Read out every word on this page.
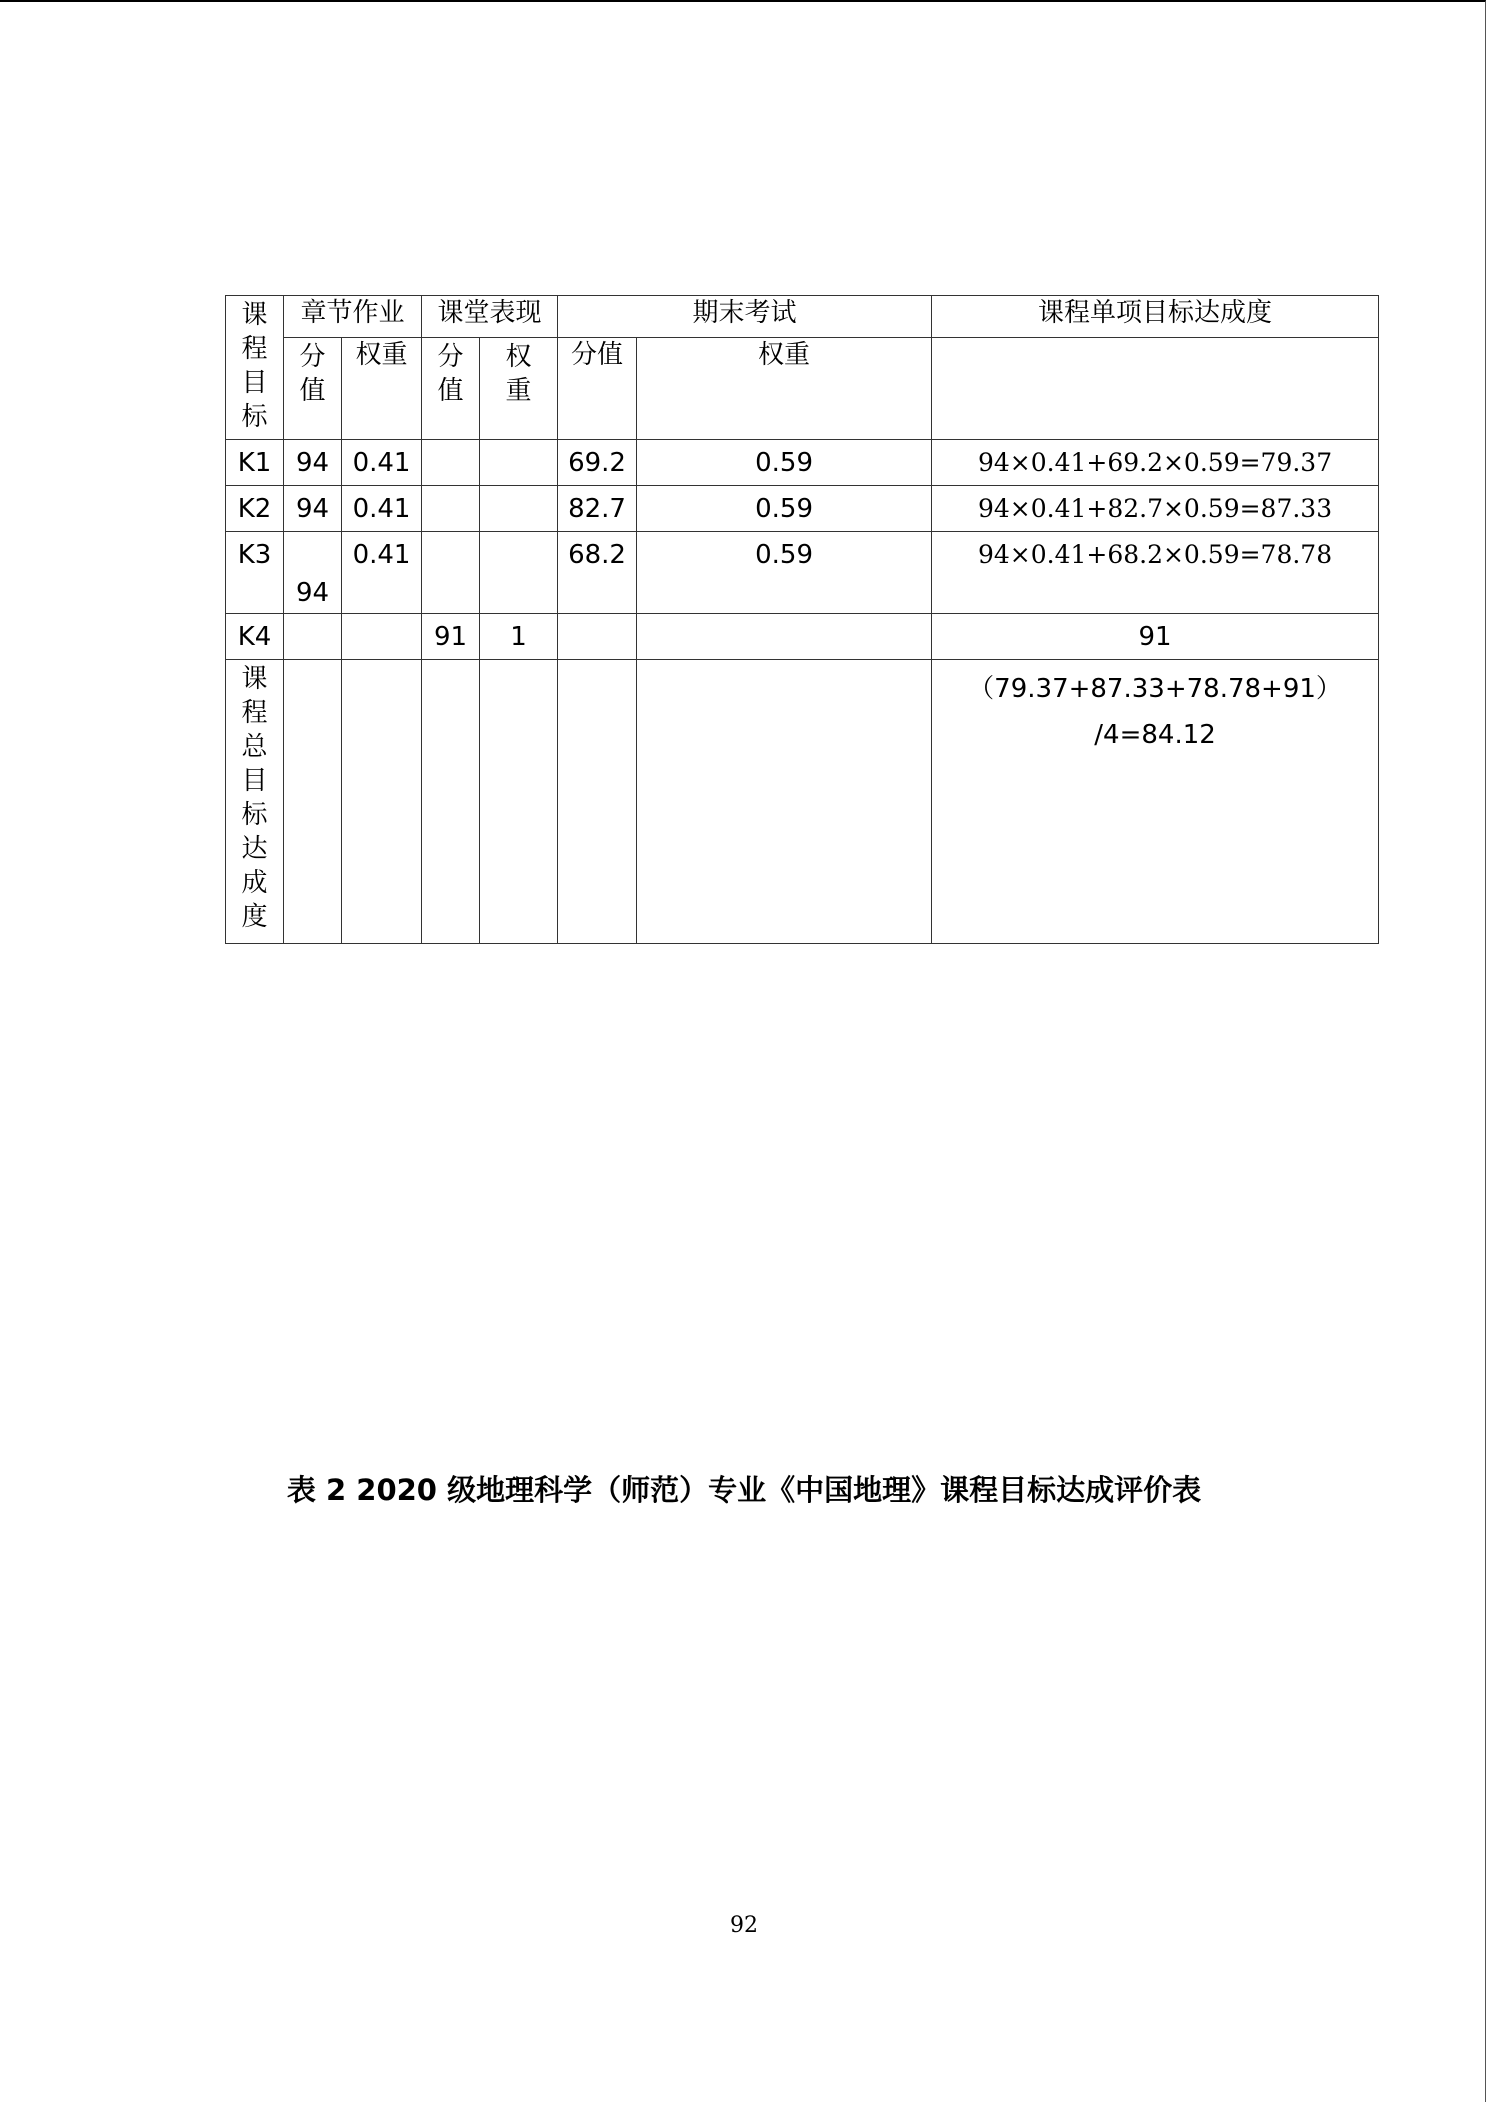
课程目标	章节作业		课堂表现		期末考试		课程单项目标达成度
	分值	权重	分值	权重	分值	权重	
K1	94	0.41			69.2	0.59	94×0.41+69.2×0.59=79.37
K2	94	0.41			82.7	0.59	94×0.41+82.7×0.59=87.33
K3	94	0.41			68.2	0.59	94×0.41+68.2×0.59=78.78
K4			91	1			91
课程总目标达成度							（79.37+87.33+78.78+91）
/4=84.12
表 2 2020 级地理科学（师范）专业《中国地理》课程目标达成评价表
92
